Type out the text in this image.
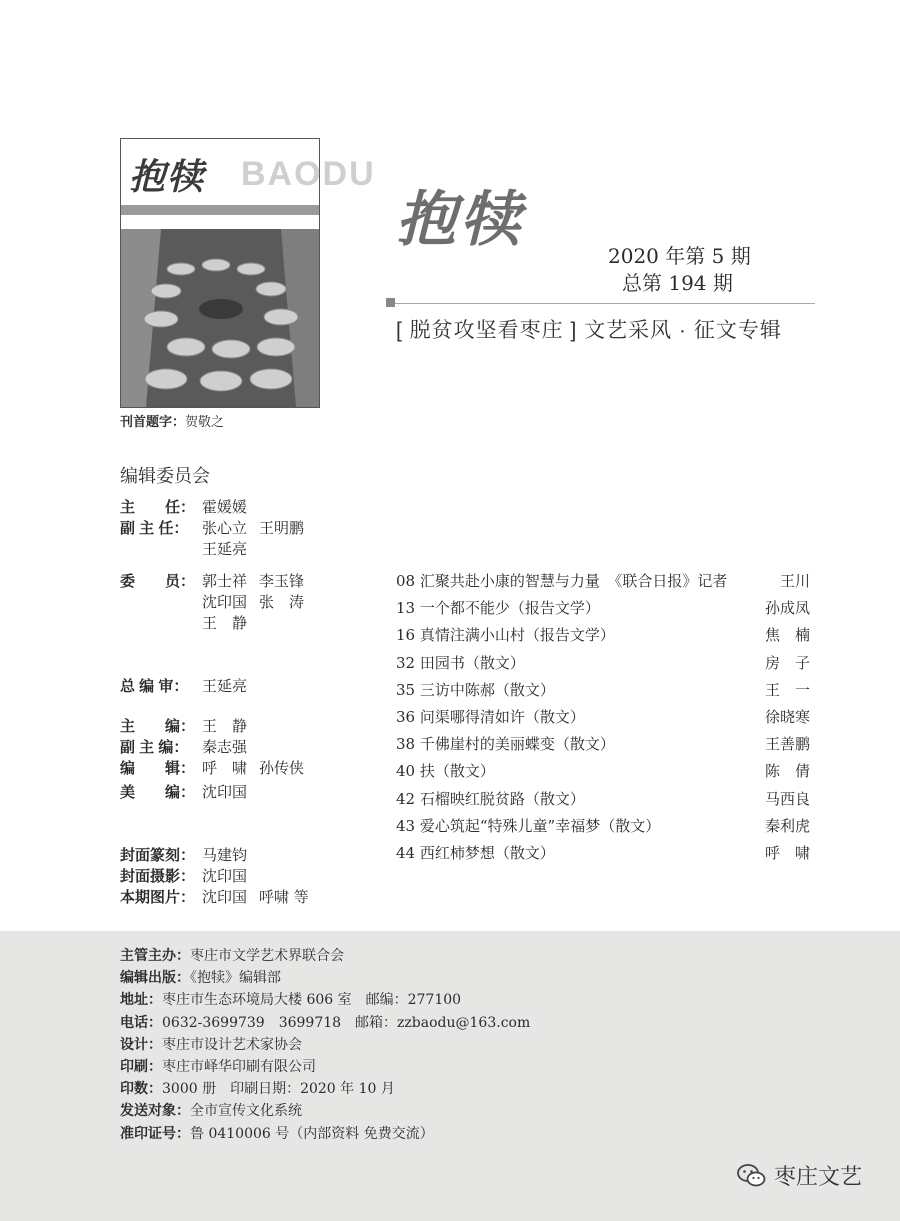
抱犊 BAODU
刊首题字：贺敬之
抱犊
2020 年第 5 期
总第 194 期
[ 脱贫攻坚看枣庄 ] 文艺采风 · 征文专辑
编辑委员会
主　　任： 霍媛媛
副 主 任： 张心立 王明鹏
王延亮
委　　员： 郭士祥 李玉锋
沈印国 张　涛
王　静
总 编 审： 王延亮
主　　编： 王　静
副 主 编： 秦志强
编　　辑： 呼　啸 孙传侠
美　　编： 沈印国
封面篆刻： 马建钧
封面摄影： 沈印国
本期图片： 沈印国 呼啸 等
08 汇聚共赴小康的智慧与力量　《联合日报》记者	王川
13 一个都不能少（报告文学）	孙成凤
16 真情注满小山村（报告文学）	焦　楠
32 田园书（散文）	房　子
35 三访中陈郝（散文）	王　一
36 问渠哪得清如许（散文）	徐晓寒
38 千佛崖村的美丽蝶变（散文）	王善鹏
40 扶（散文）	陈　倩
42 石榴映红脱贫路（散文）	马西良
43 爱心筑起“特殊儿童”幸福梦（散文）	秦利虎
44 西红柿梦想（散文）	呼　啸
主管主办：枣庄市文学艺术界联合会
编辑出版：《抱犊》编辑部
地址：枣庄市生态环境局大楼 606 室　邮编：277100
电话：0632-3699739　3699718　邮箱：zzbaodu@163.com
设计：枣庄市设计艺术家协会
印刷：枣庄市峄华印刷有限公司
印数：3000 册　印刷日期：2020 年 10 月
发送对象：全市宣传文化系统
准印证号：鲁 0410006 号（内部资料 免费交流）
枣庄文艺
